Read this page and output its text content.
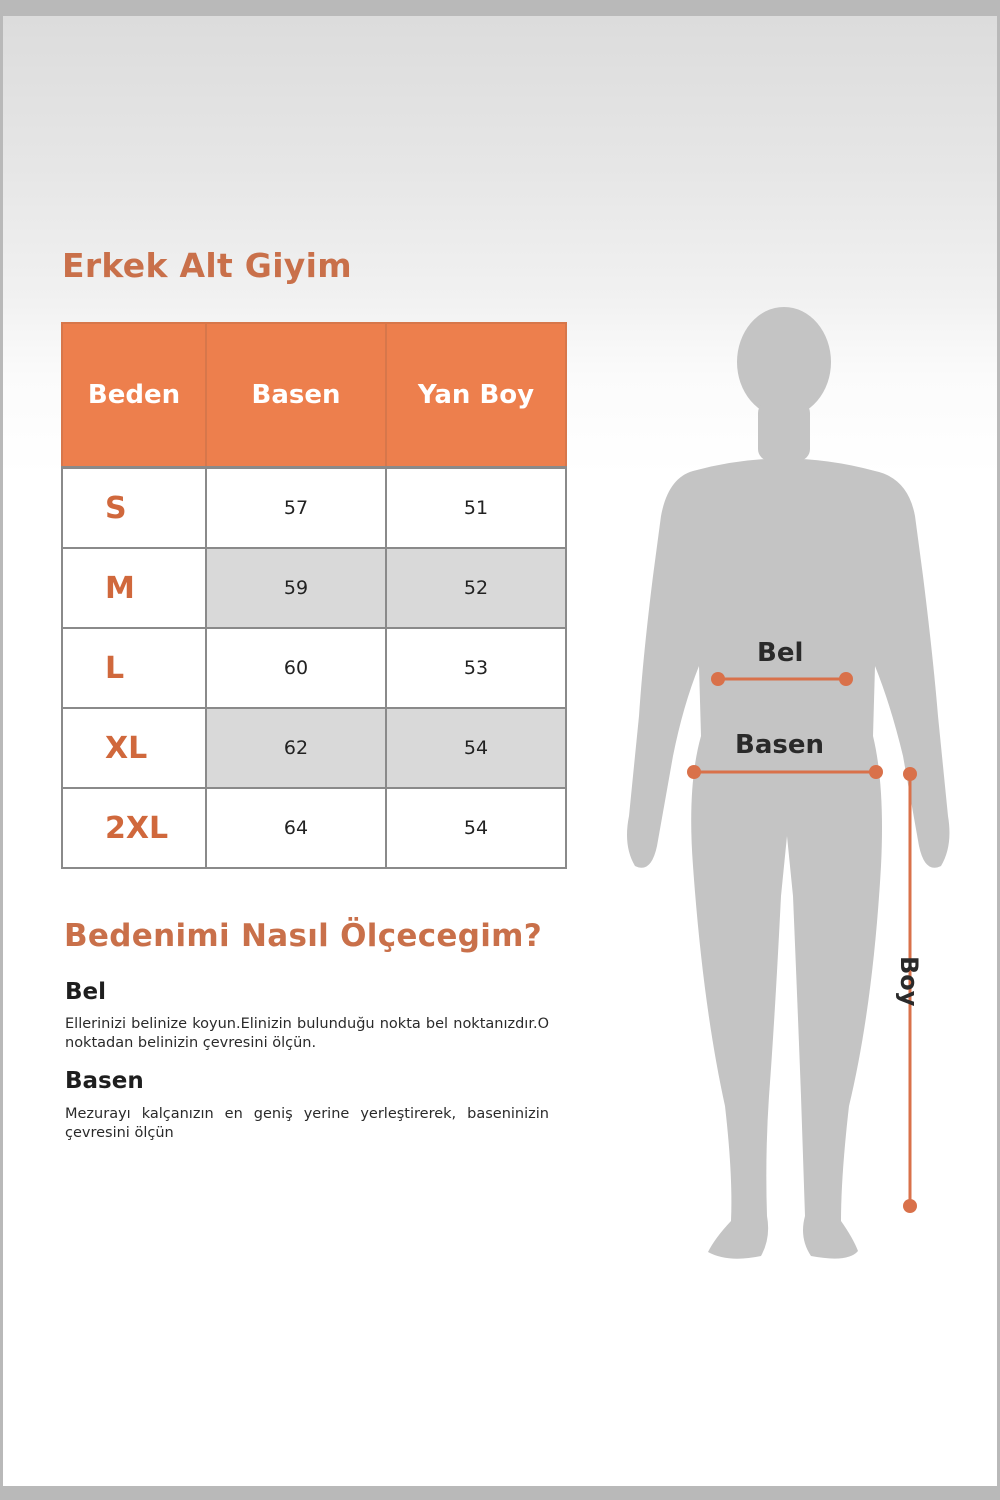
Erkek Alt Giyim
Beden	Basen	Yan Boy
S	57	51
M	59	52
L	60	53
XL	62	54
2XL	64	54
Bedenimi Nasıl Ölçecegim?
Bel
Ellerinizi belinize koyun.Elinizin bulunduğu nokta bel noktanızdır.O noktadan belinizin çevresini ölçün.
Basen
Mezurayı kalçanızın en geniş yerine yerleştirerek, baseninizin çevresini ölçün
Bel
Basen
Boy
